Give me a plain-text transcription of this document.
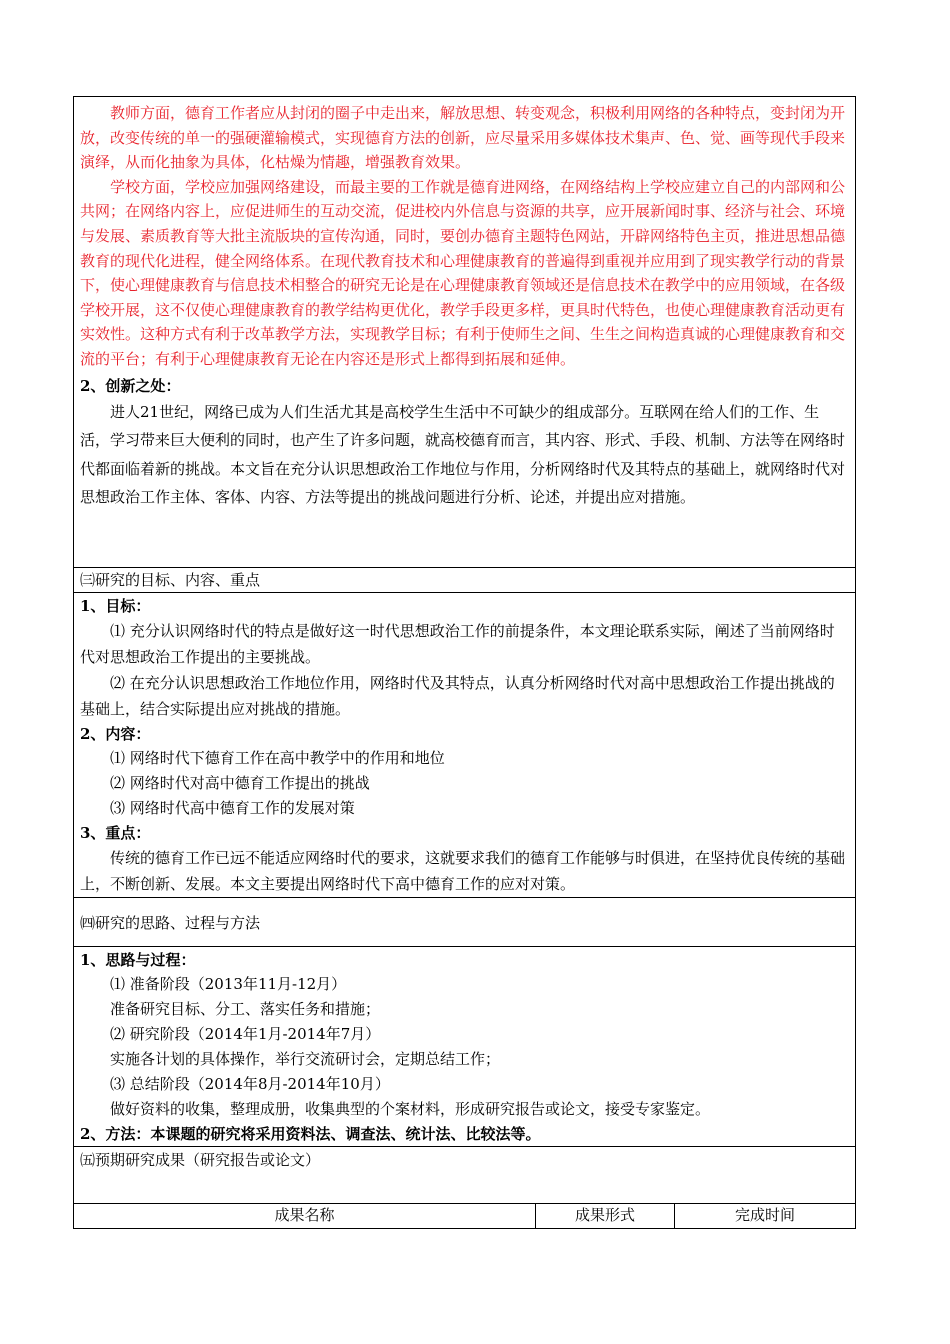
教师方面，德育工作者应从封闭的圈子中走出来，解放思想、转变观念，积极利用网络的各种特点，变封闭为开放，改变传统的单一的强硬灌输模式，实现德育方法的创新，应尽量采用多媒体技术集声、色、觉、画等现代手段来演绎，从而化抽象为具体，化枯燥为情趣，增强教育效果。

学校方面，学校应加强网络建设，而最主要的工作就是德育进网络，在网络结构上学校应建立自己的内部网和公共网；在网络内容上，应促进师生的互动交流，促进校内外信息与资源的共享，应开展新闻时事、经济与社会、环境与发展、素质教育等大批主流版块的宣传沟通，同时，要创办德育主题特色网站，开辟网络特色主页，推进思想品德教育的现代化进程，健全网络体系。在现代教育技术和心理健康教育的普遍得到重视并应用到了现实教学行动的背景下，使心理健康教育与信息技术相整合的研究无论是在心理健康教育领域还是信息技术在教学中的应用领域，在各级学校开展，这不仅使心理健康教育的教学结构更优化，教学手段更多样，更具时代特色，也使心理健康教育活动更有实效性。这种方式有利于改革教学方法，实现教学目标；有利于使师生之间、生生之间构造真诚的心理健康教育和交流的平台；有利于心理健康教育无论在内容还是形式上都得到拓展和延伸。

2、创新之处：

进人21世纪，网络已成为人们生活尤其是高校学生生活中不可缺少的组成部分。互联网在给人们的工作、生活，学习带来巨大便利的同时，也产生了许多问题，就高校德育而言，其内容、形式、手段、机制、方法等在网络时代都面临着新的挑战。本文旨在充分认识思想政治工作地位与作用，分析网络时代及其特点的基础上，就网络时代对思想政治工作主体、客体、内容、方法等提出的挑战问题进行分析、论述，并提出应对措施。

㈢研究的目标、内容、重点

1、目标：

⑴ 充分认识网络时代的特点是做好这一时代思想政治工作的前提条件，本文理论联系实际，阐述了当前网络时代对思想政治工作提出的主要挑战。

⑵ 在充分认识思想政治工作地位作用，网络时代及其特点，认真分析网络时代对高中思想政治工作提出挑战的基础上，结合实际提出应对挑战的措施。

2、内容：

⑴ 网络时代下德育工作在高中教学中的作用和地位

⑵ 网络时代对高中德育工作提出的挑战

⑶ 网络时代高中德育工作的发展对策

3、重点：

传统的德育工作已远不能适应网络时代的要求，这就要求我们的德育工作能够与时俱进，在坚持优良传统的基础上，不断创新、发展。本文主要提出网络时代下高中德育工作的应对对策。

㈣研究的思路、过程与方法

1、思路与过程：

⑴ 准备阶段（2013年11月-12月）

准备研究目标、分工、落实任务和措施；

⑵ 研究阶段（2014年1月-2014年7月）

实施各计划的具体操作，举行交流研讨会，定期总结工作；

⑶ 总结阶段（2014年8月-2014年10月）

做好资料的收集，整理成册，收集典型的个案材料，形成研究报告或论文，接受专家鉴定。

2、方法：本课题的研究将采用资料法、调查法、统计法、比较法等。

㈤预期研究成果（研究报告或论文）
成果名称	成果形式	完成时间
